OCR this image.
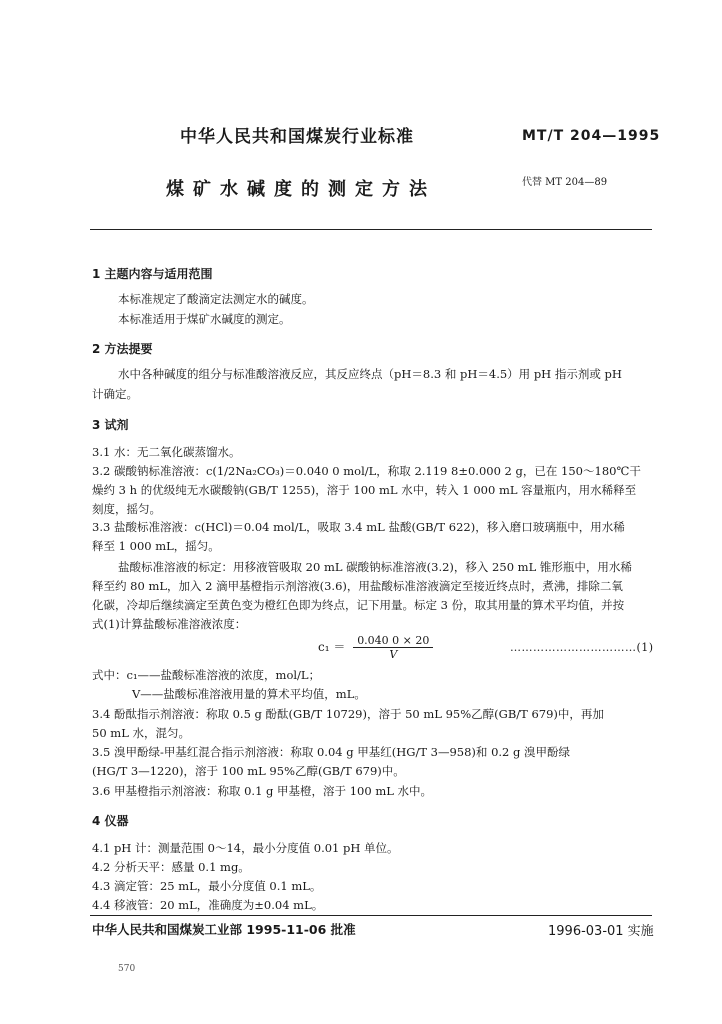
中华人民共和国煤炭行业标准	MT/T 204—1995
煤矿水碱度的测定方法	代替 MT 204—89
1 主题内容与适用范围
本标准规定了酸滴定法测定水的碱度。
本标准适用于煤矿水碱度的测定。
2 方法提要
水中各种碱度的组分与标准酸溶液反应，其反应终点（pH＝8.3 和 pH＝4.5）用 pH 指示剂或 pH
计确定。
3 试剂
3.1 水：无二氧化碳蒸馏水。
3.2 碳酸钠标准溶液：c(1/2Na₂CO₃)＝0.040 0 mol/L，称取 2.119 8±0.000 2 g，已在 150～180℃干
燥约 3 h 的优级纯无水碳酸钠(GB/T 1255)，溶于 100 mL 水中，转入 1 000 mL 容量瓶内，用水稀释至
刻度，摇匀。
3.3 盐酸标准溶液：c(HCl)＝0.04 mol/L，吸取 3.4 mL 盐酸(GB/T 622)，移入磨口玻璃瓶中，用水稀
释至 1 000 mL，摇匀。
盐酸标准溶液的标定：用移液管吸取 20 mL 碳酸钠标准溶液(3.2)，移入 250 mL 锥形瓶中，用水稀
释至约 80 mL，加入 2 滴甲基橙指示剂溶液(3.6)，用盐酸标准溶液滴定至接近终点时，煮沸，排除二氧
化碳，冷却后继续滴定至黄色变为橙红色即为终点，记下用量。标定 3 份，取其用量的算术平均值，并按
式(1)计算盐酸标准溶液浓度：
$c_1 = \frac{0.040 0 \times 20}{V}$	……………………………(1)
式中：c₁——盐酸标准溶液的浓度，mol/L；
V——盐酸标准溶液用量的算术平均值，mL。
3.4 酚酞指示剂溶液：称取 0.5 g 酚酞(GB/T 10729)，溶于 50 mL 95%乙醇(GB/T 679)中，再加
50 mL 水，混匀。
3.5 溴甲酚绿-甲基红混合指示剂溶液：称取 0.04 g 甲基红(HG/T 3—958)和 0.2 g 溴甲酚绿
(HG/T 3—1220)，溶于 100 mL 95%乙醇(GB/T 679)中。
3.6 甲基橙指示剂溶液：称取 0.1 g 甲基橙，溶于 100 mL 水中。
4 仪器
4.1 pH 计：测量范围 0～14，最小分度值 0.01 pH 单位。
4.2 分析天平：感量 0.1 mg。
4.3 滴定管：25 mL，最小分度值 0.1 mL。
4.4 移液管：20 mL，准确度为±0.04 mL。
中华人民共和国煤炭工业部 1995-11-06 批准	1996-03-01 实施
570
